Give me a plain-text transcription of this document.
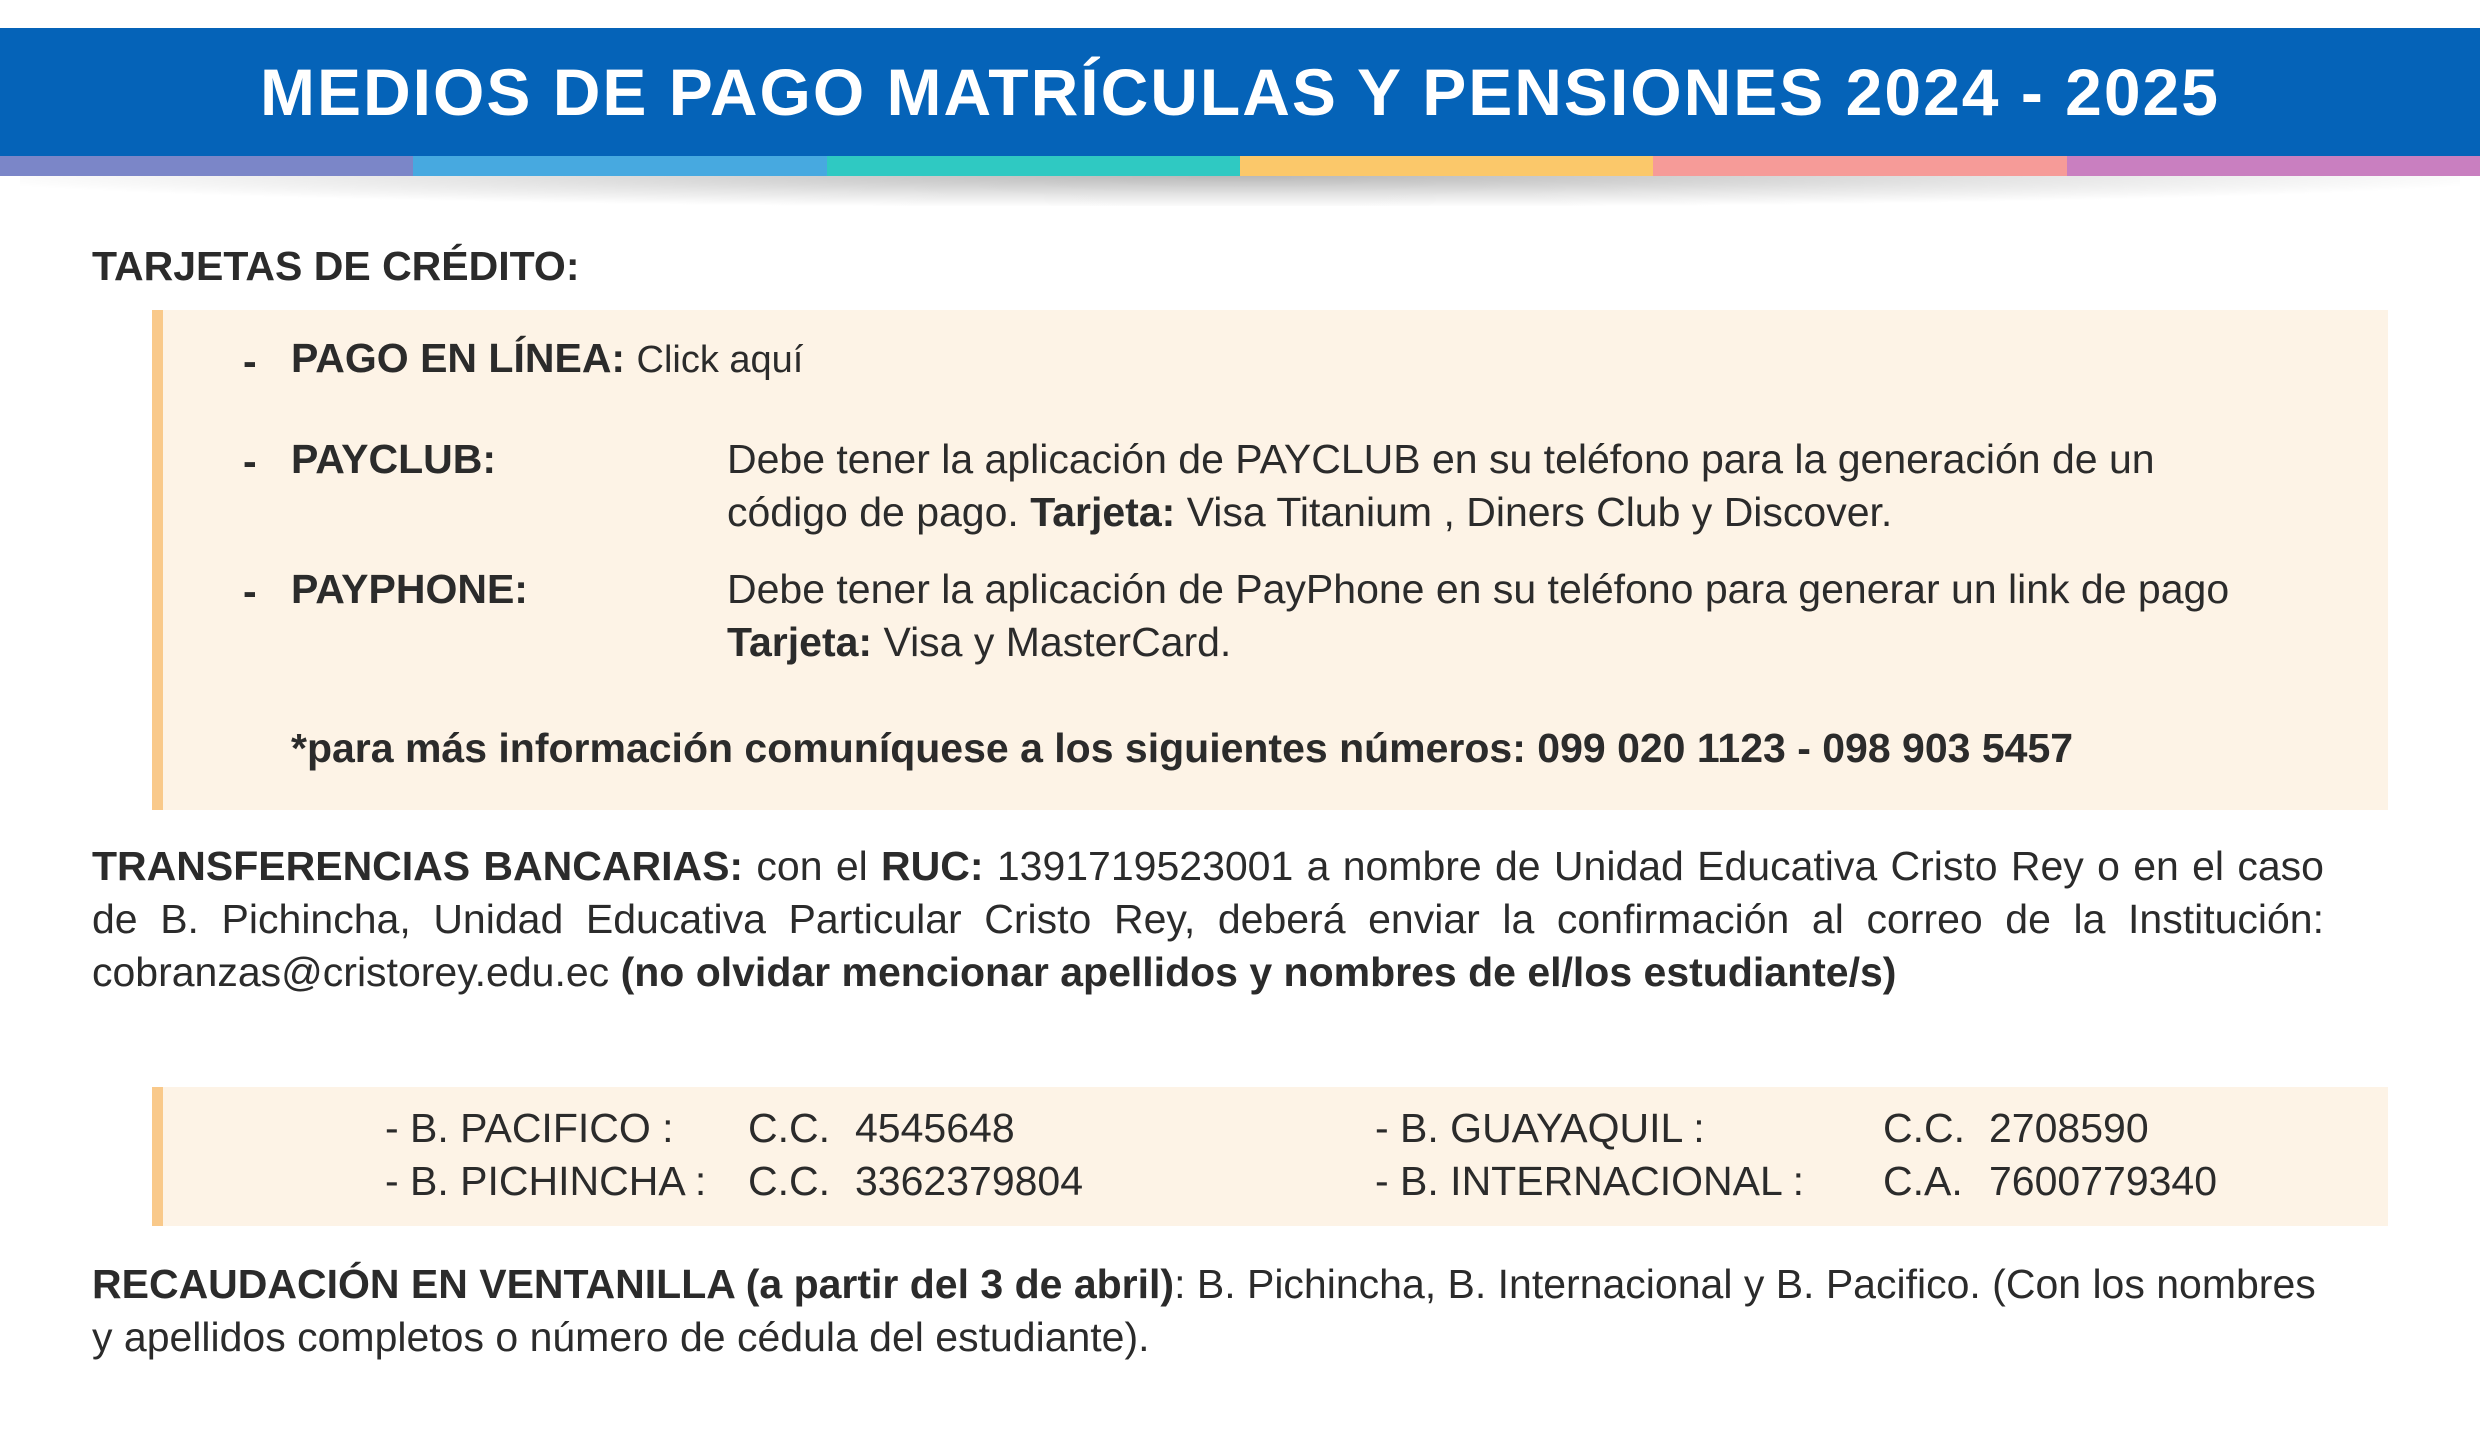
MEDIOS DE PAGO MATRÍCULAS Y PENSIONES 2024 - 2025
TARJETAS DE CRÉDITO:
- PAGO EN LÍNEA: Click aquí
- PAYCLUB:	Debe tener la aplicación de PAYCLUB en su teléfono para la generación de un
código de pago. Tarjeta: Visa Titanium , Diners Club y Discover.
- PAYPHONE:	Debe tener la aplicación de PayPhone en su teléfono para generar un link de pago
Tarjeta: Visa y MasterCard.
*para más información comuníquese a los siguientes números: 099 020 1123 - 098 903 5457
TRANSFERENCIAS BANCARIAS: con el RUC: 1391719523001 a nombre de Unidad Educativa Cristo Rey o en el caso de B. Pichincha, Unidad Educativa Particular Cristo Rey, deberá enviar la confirmación al correo de la Institución: cobranzas@cristorey.edu.ec (no olvidar mencionar apellidos y nombres de el/los estudiante/s)
- B. PACIFICO : C.C. 4545648
- B. PICHINCHA : C.C. 3362379804
- B. GUAYAQUIL :	C.C. 2708590
- B. INTERNACIONAL : C.A. 7600779340
RECAUDACIÓN EN VENTANILLA (a partir del 3 de abril): B. Pichincha, B. Internacional y B. Pacifico. (Con los nombres y apellidos completos o número de cédula del estudiante).
